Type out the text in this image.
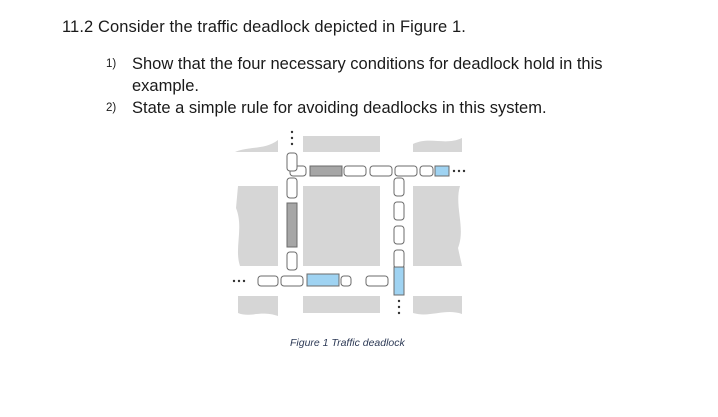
11.2 Consider the traffic deadlock depicted in Figure 1.
1) Show that the four necessary conditions for deadlock hold in this example.
2) State a simple rule for avoiding deadlocks in this system.
Figure 1 Traffic deadlock
